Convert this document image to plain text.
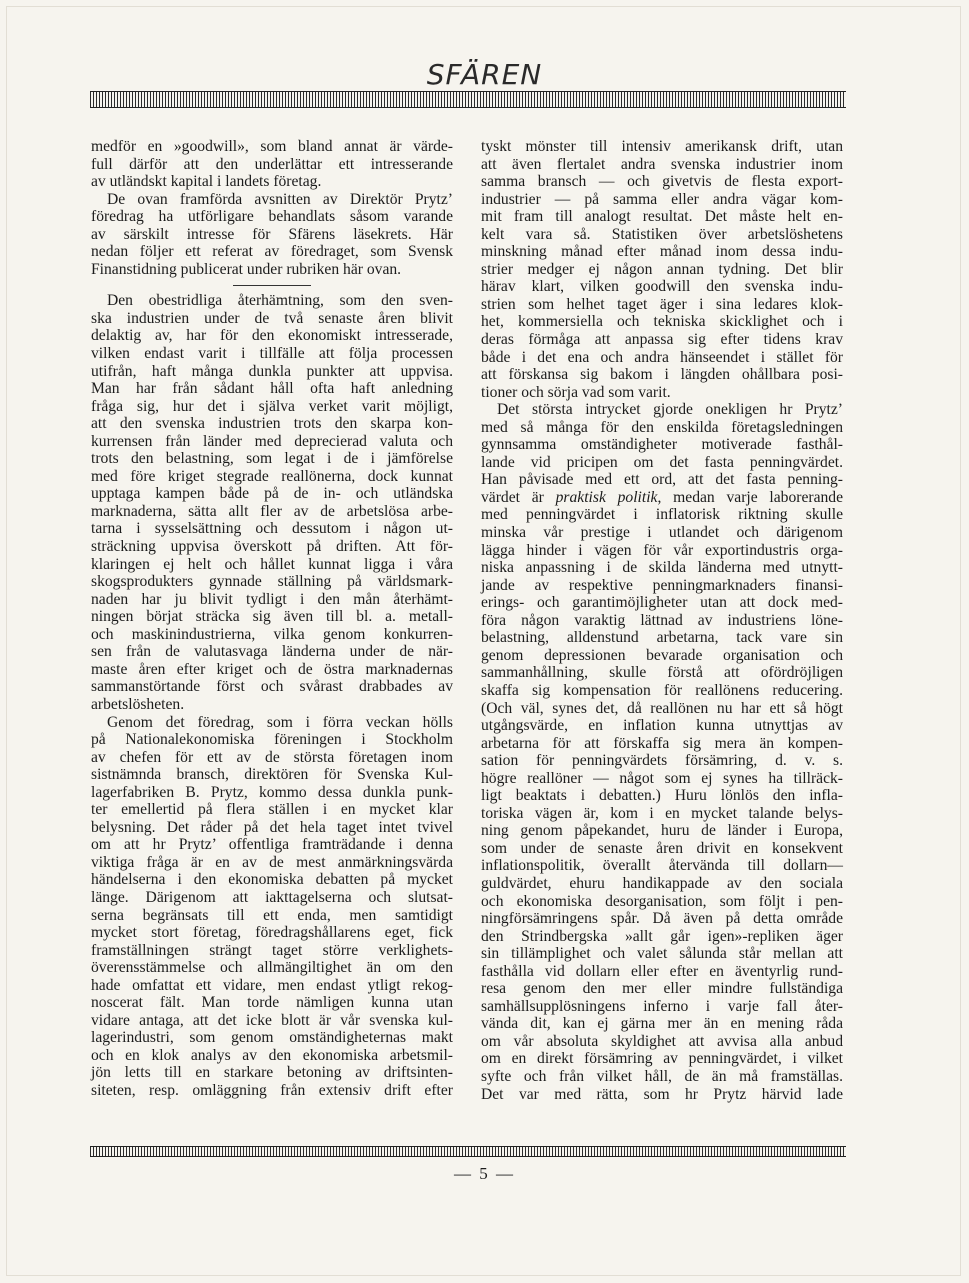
SFÄREN
medför en »goodwill», som bland annat är värde-
full därför att den underlättar ett intresserande
av utländskt kapital i landets företag.
De ovan framförda avsnitten av Direktör Prytz’
föredrag ha utförligare behandlats såsom varande
av särskilt intresse för Sfärens läsekrets. Här
nedan följer ett referat av föredraget, som Svensk
Finanstidning publicerat under rubriken här ovan.
Den obestridliga återhämtning, som den sven-
ska industrien under de två senaste åren blivit
delaktig av, har för den ekonomiskt intresserade,
vilken endast varit i tillfälle att följa processen
utifrån, haft många dunkla punkter att uppvisa.
Man har från sådant håll ofta haft anledning
fråga sig, hur det i själva verket varit möjligt,
att den svenska industrien trots den skarpa kon-
kurrensen från länder med deprecierad valuta och
trots den belastning, som legat i de i jämförelse
med före kriget stegrade reallönerna, dock kunnat
upptaga kampen både på de in- och utländska
marknaderna, sätta allt fler av de arbetslösa arbe-
tarna i sysselsättning och dessutom i någon ut-
sträckning uppvisa överskott på driften. Att för-
klaringen ej helt och hållet kunnat ligga i våra
skogsprodukters gynnade ställning på världsmark-
naden har ju blivit tydligt i den mån återhämt-
ningen börjat sträcka sig även till bl. a. metall-
och maskinindustrierna, vilka genom konkurren-
sen från de valutasvaga länderna under de när-
maste åren efter kriget och de östra marknadernas
sammanstörtande först och svårast drabbades av
arbetslösheten.
Genom det föredrag, som i förra veckan hölls
på Nationalekonomiska föreningen i Stockholm
av chefen för ett av de största företagen inom
sistnämnda bransch, direktören för Svenska Kul-
lagerfabriken B. Prytz, kommo dessa dunkla punk-
ter emellertid på flera ställen i en mycket klar
belysning. Det råder på det hela taget intet tvivel
om att hr Prytz’ offentliga framträdande i denna
viktiga fråga är en av de mest anmärkningsvärda
händelserna i den ekonomiska debatten på mycket
länge. Därigenom att iakttagelserna och slutsat-
serna begränsats till ett enda, men samtidigt
mycket stort företag, föredragshållarens eget, fick
framställningen strängt taget större verklighets-
överensstämmelse och allmängiltighet än om den
hade omfattat ett vidare, men endast ytligt rekog-
noscerat fält. Man torde nämligen kunna utan
vidare antaga, att det icke blott är vår svenska kul-
lagerindustri, som genom omständigheternas makt
och en klok analys av den ekonomiska arbetsmil-
jön letts till en starkare betoning av driftsinten-
siteten, resp. omläggning från extensiv drift efter
tyskt mönster till intensiv amerikansk drift, utan
att även flertalet andra svenska industrier inom
samma bransch — och givetvis de flesta export-
industrier — på samma eller andra vägar kom-
mit fram till analogt resultat. Det måste helt en-
kelt vara så. Statistiken över arbetslöshetens
minskning månad efter månad inom dessa indu-
strier medger ej någon annan tydning. Det blir
härav klart, vilken goodwill den svenska indu-
strien som helhet taget äger i sina ledares klok-
het, kommersiella och tekniska skicklighet och i
deras förmåga att anpassa sig efter tidens krav
både i det ena och andra hänseendet i stället för
att förskansa sig bakom i längden ohållbara posi-
tioner och sörja vad som varit.
Det största intrycket gjorde onekligen hr Prytz’
med så många för den enskilda företagsledningen
gynnsamma omständigheter motiverade fasthål-
lande vid pricipen om det fasta penningvärdet.
Han påvisade med ett ord, att det fasta penning-
värdet är praktisk politik, medan varje laborerande
med penningvärdet i inflatorisk riktning skulle
minska vår prestige i utlandet och därigenom
lägga hinder i vägen för vår exportindustris orga-
niska anpassning i de skilda länderna med utnytt-
jande av respektive penningmarknaders finansi-
erings- och garantimöjligheter utan att dock med-
föra någon varaktig lättnad av industriens löne-
belastning, alldenstund arbetarna, tack vare sin
genom depressionen bevarade organisation och
sammanhållning, skulle förstå att ofördröjligen
skaffa sig kompensation för reallönens reducering.
(Och väl, synes det, då reallönen nu har ett så högt
utgångsvärde, en inflation kunna utnyttjas av
arbetarna för att förskaffa sig mera än kompen-
sation för penningvärdets försämring, d. v. s.
högre reallöner — något som ej synes ha tillräck-
ligt beaktats i debatten.) Huru lönlös den infla-
toriska vägen är, kom i en mycket talande belys-
ning genom påpekandet, huru de länder i Europa,
som under de senaste åren drivit en konsekvent
inflationspolitik, överallt återvända till dollarn—
guldvärdet, ehuru handikappade av den sociala
och ekonomiska desorganisation, som följt i pen-
ningförsämringens spår. Då även på detta område
den Strindbergska »allt går igen»-repliken äger
sin tillämplighet och valet sålunda står mellan att
fasthålla vid dollarn eller efter en äventyrlig rund-
resa genom den mer eller mindre fullständiga
samhällsupplösningens inferno i varje fall åter-
vända dit, kan ej gärna mer än en mening råda
om vår absoluta skyldighet att avvisa alla anbud
om en direkt försämring av penningvärdet, i vilket
syfte och från vilket håll, de än må framställas.
Det var med rätta, som hr Prytz härvid lade
— 5 —
